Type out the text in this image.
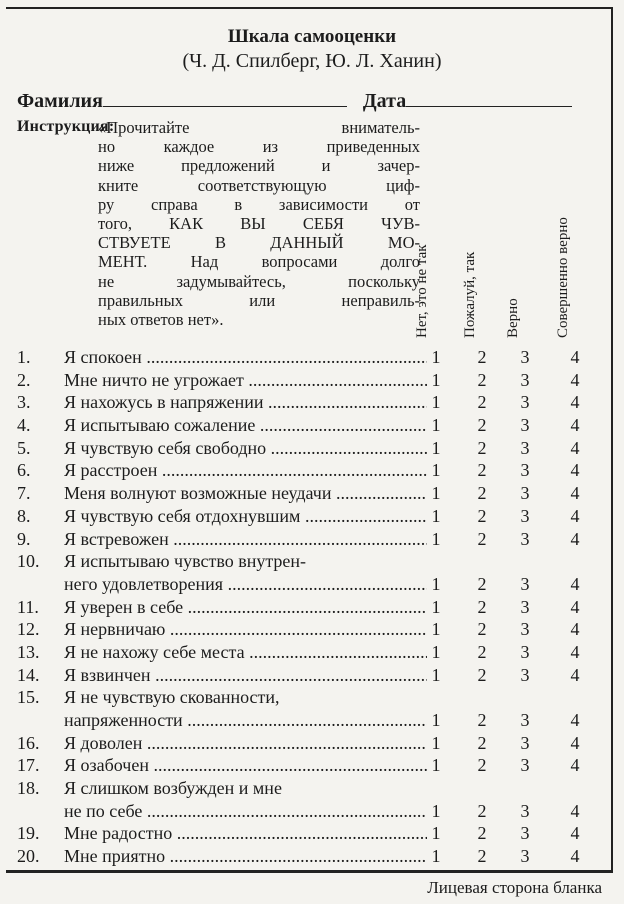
Шкала самооценки
(Ч. Д. Спилберг, Ю. Л. Ханин)
Фамилия	Дата
Инструкция:
«Прочитайте вниматель-
но каждое из приведенных
ниже предложений и зачер-
кните соответствующую циф-
ру справа в зависимости от
того, КАК ВЫ СЕБЯ ЧУВ-
СТВУЕТЕ В ДАННЫЙ МО-
МЕНТ. Над вопросами долго
не задумывайтесь, поскольку
правильных или неправиль-
ных ответов нет».	Нет, это не так Пожалуй, так Верно Совершенно верно
1.	Я спокоен .....	1	2	3	4
2.	Мне ничто не угрожает .....	1	2	3	4
3.	Я нахожусь в напряжении .....	1	2	3	4
4.	Я испытываю сожаление .....	1	2	3	4
5.	Я чувствую себя свободно .....	1	2	3	4
6.	Я расстроен .....	1	2	3	4
7.	Меня волнуют возможные неудачи .....	1	2	3	4
8.	Я чувствую себя отдохнувшим .....	1	2	3	4
9.	Я встревожен .....	1	2	3	4
10.	Я испытываю чувство внутрен-
него удовлетворения .....	1	2	3	4
11.	Я уверен в себе .....	1	2	3	4
12.	Я нервничаю .....	1	2	3	4
13.	Я не нахожу себе места .....	1	2	3	4
14.	Я взвинчен .....	1	2	3	4
15.	Я не чувствую скованности,
напряженности .....	1	2	3	4
16.	Я доволен .....	1	2	3	4
17.	Я озабочен .....	1	2	3	4
18.	Я слишком возбужден и мне
не по себе .....	1	2	3	4
19.	Мне радостно .....	1	2	3	4
20.	Мне приятно .....	1	2	3	4
Лицевая сторона бланка
